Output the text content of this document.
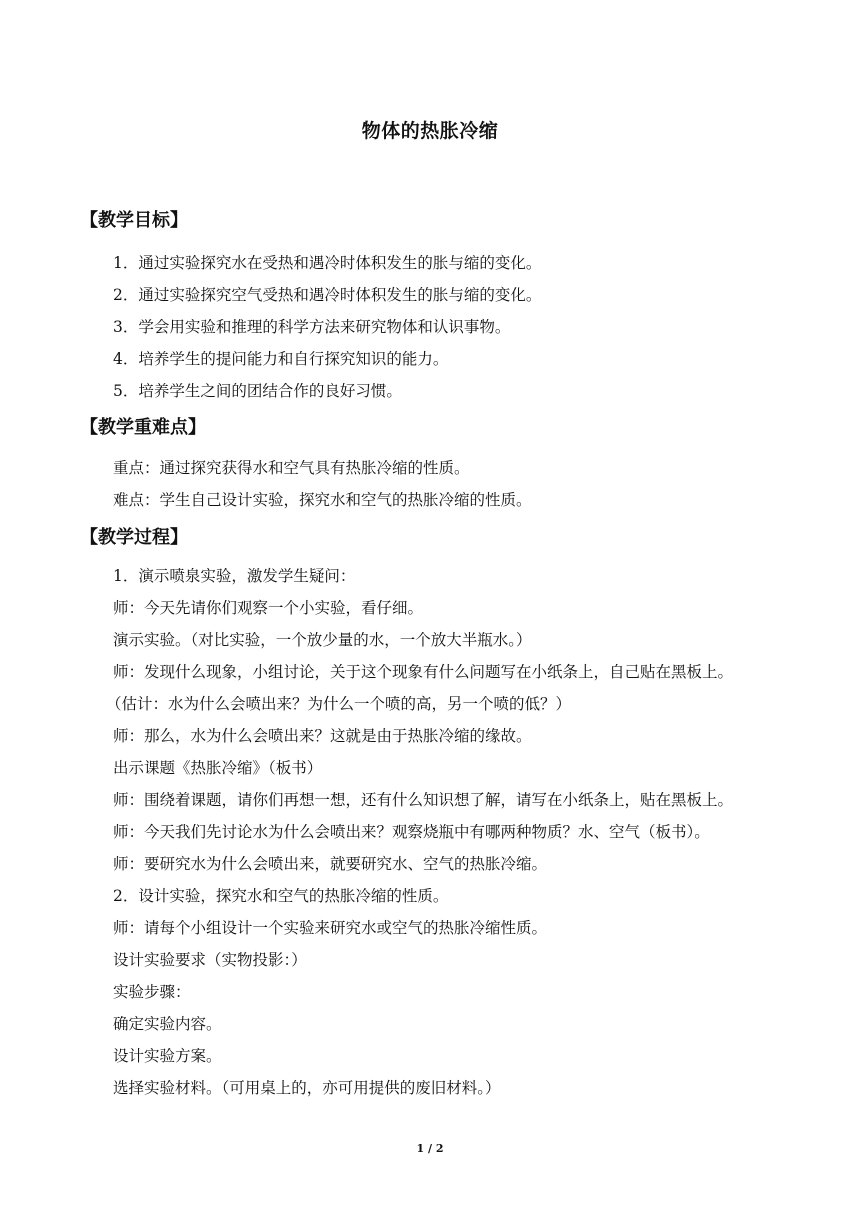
物体的热胀冷缩
【教学目标】
1．通过实验探究水在受热和遇冷时体积发生的胀与缩的变化。
2．通过实验探究空气受热和遇冷时体积发生的胀与缩的变化。
3．学会用实验和推理的科学方法来研究物体和认识事物。
4．培养学生的提问能力和自行探究知识的能力。
5．培养学生之间的团结合作的良好习惯。
【教学重难点】
重点：通过探究获得水和空气具有热胀冷缩的性质。
难点：学生自己设计实验，探究水和空气的热胀冷缩的性质。
【教学过程】
1．演示喷泉实验，激发学生疑问：
师：今天先请你们观察一个小实验，看仔细。
演示实验。（对比实验，一个放少量的水，一个放大半瓶水。）
师：发现什么现象，小组讨论，关于这个现象有什么问题写在小纸条上，自己贴在黑板上。
（估计：水为什么会喷出来？为什么一个喷的高，另一个喷的低？）
师：那么，水为什么会喷出来？这就是由于热胀冷缩的缘故。
出示课题《热胀冷缩》（板书）
师：围绕着课题，请你们再想一想，还有什么知识想了解，请写在小纸条上，贴在黑板上。
师：今天我们先讨论水为什么会喷出来？观察烧瓶中有哪两种物质？水、空气（板书）。
师：要研究水为什么会喷出来，就要研究水、空气的热胀冷缩。
2．设计实验，探究水和空气的热胀冷缩的性质。
师：请每个小组设计一个实验来研究水或空气的热胀冷缩性质。
设计实验要求（实物投影：）
实验步骤：
确定实验内容。
设计实验方案。
选择实验材料。（可用桌上的，亦可用提供的废旧材料。）
1 / 2
